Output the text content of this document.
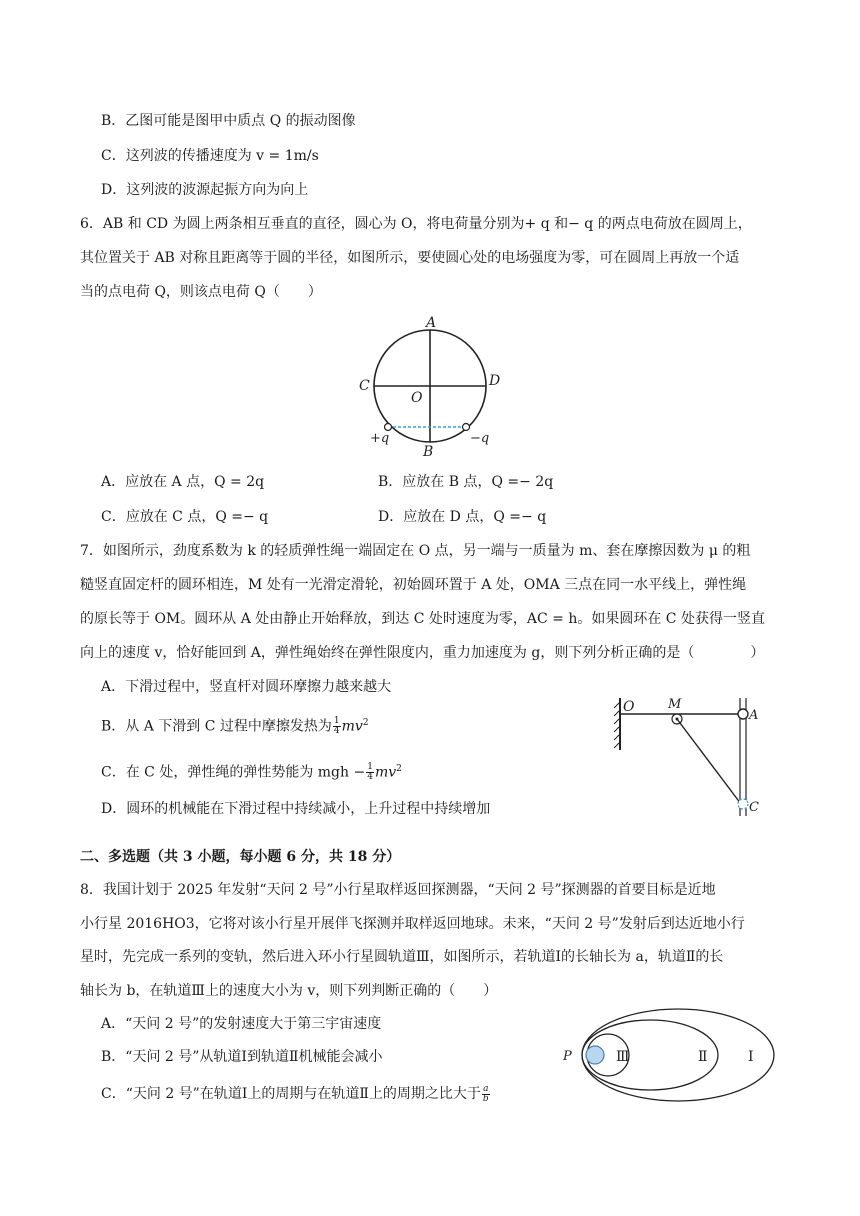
B．乙图可能是图甲中质点 Q 的振动图像
C．这列波的传播速度为 v = 1m/s
D．这列波的波源起振方向为向上
6．AB 和 CD 为圆上两条相互垂直的直径，圆心为 O，将电荷量分别为+ q 和− q 的两点电荷放在圆周上，
其位置关于 AB 对称且距离等于圆的半径，如图所示，要使圆心处的电场强度为零，可在圆周上再放一个适
当的点电荷 Q，则该点电荷 Q（　　）
A
B
C	D
O
+q	−q
A．应放在 A 点，Q = 2q	B．应放在 B 点，Q =− 2q
C．应放在 C 点，Q =− q	D．应放在 D 点，Q =− q
7．如图所示，劲度系数为 k 的轻质弹性绳一端固定在 O 点，另一端与一质量为 m、套在摩擦因数为 μ 的粗
糙竖直固定杆的圆环相连，M 处有一光滑定滑轮，初始圆环置于 A 处，OMA 三点在同一水平线上，弹性绳
的原长等于 OM。圆环从 A 处由静止开始释放，到达 C 处时速度为零，AC = h。如果圆环在 C 处获得一竖直
向上的速度 v，恰好能回到 A，弹性绳始终在弹性限度内，重力加速度为 g，则下列分析正确的是（　　　　）
A．下滑过程中，竖直杆对圆环摩擦力越来越大
B．从 A 下滑到 C 过程中摩擦发热为 $\frac{1}{4} mv^2$
C．在 C 处，弹性绳的弹性势能为 mgh − $\frac{1}{4} mv^2$
D．圆环的机械能在下滑过程中持续减小，上升过程中持续增加
O	M
A
C
二、多选题（共 3 小题，每小题 6 分，共 18 分）
8．我国计划于 2025 年发射“天问 2 号”小行星取样返回探测器，“天问 2 号”探测器的首要目标是近地
小行星 2016HO3，它将对该小行星开展伴飞探测并取样返回地球。未来，“天问 2 号”发射后到达近地小行
星时，先完成一系列的变轨，然后进入环小行星圆轨道Ⅲ，如图所示，若轨道Ⅰ的长轴长为 a，轨道Ⅱ的长
轴长为 b，在轨道Ⅲ上的速度大小为 v，则下列判断正确的（　　）
A．“天问 2 号”的发射速度大于第三宇宙速度
B．“天问 2 号”从轨道Ⅰ到轨道Ⅱ机械能会减小
C．“天问 2 号”在轨道Ⅰ上的周期与在轨道Ⅱ上的周期之比大于 $\frac{a}{b}$
P	Ⅲ	Ⅱ	Ⅰ
